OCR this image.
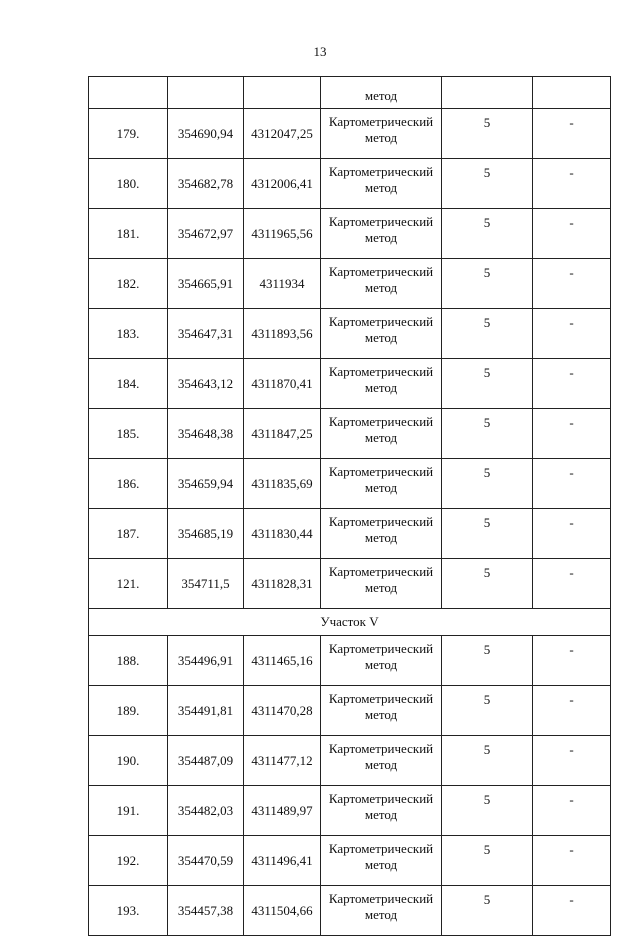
13
			метод		
179.	354690,94	4312047,25	Картометрический метод	5	-
180.	354682,78	4312006,41	Картометрический метод	5	-
181.	354672,97	4311965,56	Картометрический метод	5	-
182.	354665,91	4311934	Картометрический метод	5	-
183.	354647,31	4311893,56	Картометрический метод	5	-
184.	354643,12	4311870,41	Картометрический метод	5	-
185.	354648,38	4311847,25	Картометрический метод	5	-
186.	354659,94	4311835,69	Картометрический метод	5	-
187.	354685,19	4311830,44	Картометрический метод	5	-
121.	354711,5	4311828,31	Картометрический метод	5	-
Участок V					
188.	354496,91	4311465,16	Картометрический метод	5	-
189.	354491,81	4311470,28	Картометрический метод	5	-
190.	354487,09	4311477,12	Картометрический метод	5	-
191.	354482,03	4311489,97	Картометрический метод	5	-
192.	354470,59	4311496,41	Картометрический метод	5	-
193.	354457,38	4311504,66	Картометрический метод	5	-
